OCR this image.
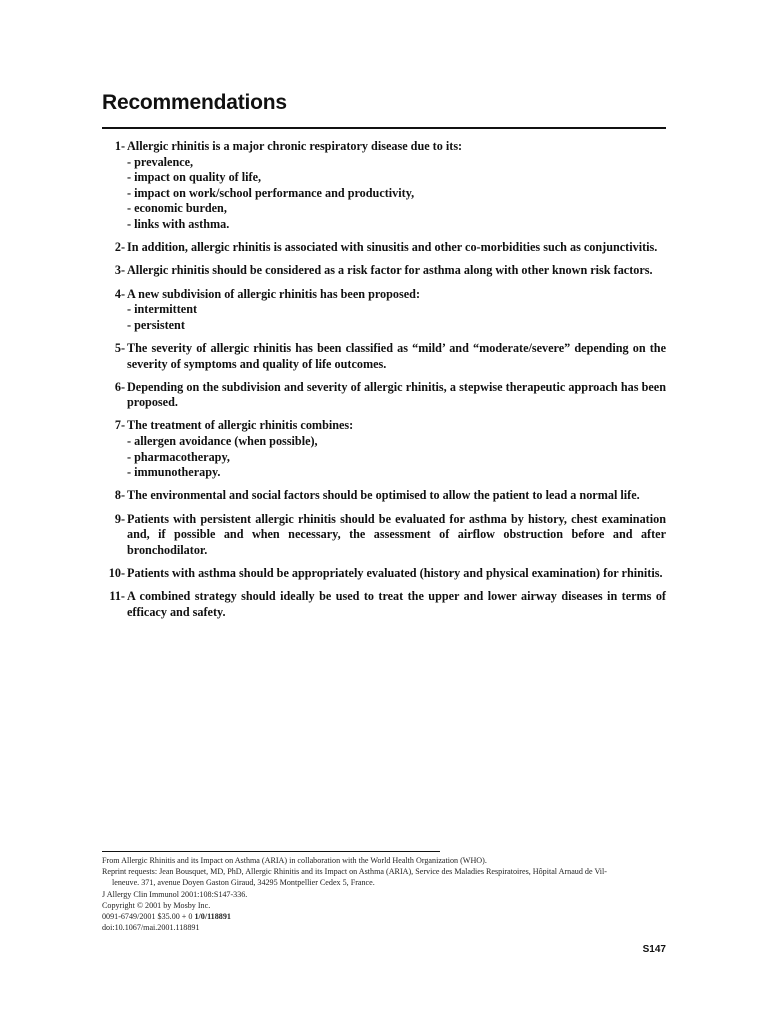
Recommendations
1- Allergic rhinitis is a major chronic respiratory disease due to its:
- prevalence,
- impact on quality of life,
- impact on work/school performance and productivity,
- economic burden,
- links with asthma.
2- In addition, allergic rhinitis is associated with sinusitis and other co-morbidities such as conjunctivitis.
3- Allergic rhinitis should be considered as a risk factor for asthma along with other known risk factors.
4- A new subdivision of allergic rhinitis has been proposed:
- intermittent
- persistent
5- The severity of allergic rhinitis has been classified as “mild’ and “moderate/severe” depending on the severity of symptoms and quality of life outcomes.
6- Depending on the subdivision and severity of allergic rhinitis, a stepwise therapeutic approach has been proposed.
7- The treatment of allergic rhinitis combines:
- allergen avoidance (when possible),
- pharmacotherapy,
- immunotherapy.
8- The environmental and social factors should be optimised to allow the patient to lead a normal life.
9- Patients with persistent allergic rhinitis should be evaluated for asthma by history, chest examination and, if possible and when necessary, the assessment of airflow obstruction before and after bronchodilator.
10- Patients with asthma should be appropriately evaluated (history and physical examination) for rhinitis.
11- A combined strategy should ideally be used to treat the upper and lower airway diseases in terms of efficacy and safety.
From Allergic Rhinitis and its Impact on Asthma (ARIA) in collaboration with the World Health Organization (WHO).
Reprint requests: Jean Bousquet, MD, PhD, Allergic Rhinitis and its Impact on Asthma (ARIA), Service des Maladies Respiratoires, Hôpital Arnaud de Vil-
leneuve. 371, avenue Doyen Gaston Giraud, 34295 Montpellier Cedex 5, France.
J Allergy Clin Immunol 2001:108:S147-336.
Copyright © 2001 by Mosby Inc.
0091-6749/2001 $35.00 + 0 1/0/118891
doi:10.1067/mai.2001.118891
S147
